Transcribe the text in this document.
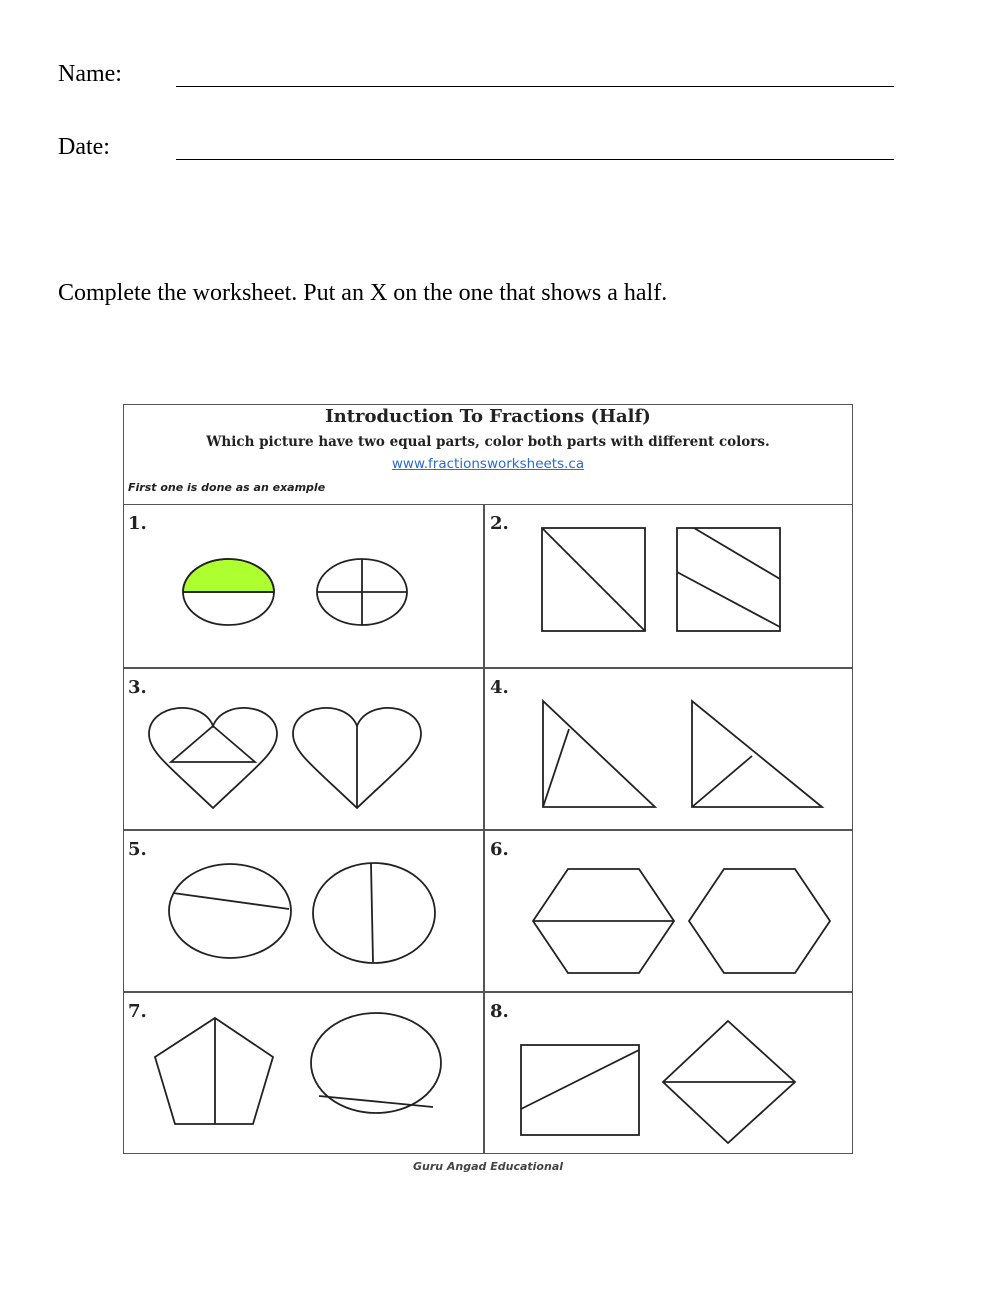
Name:
Date:
Complete the worksheet. Put an X on the one that shows a half.
Introduction To Fractions (Half)
Which picture have two equal parts, color both parts with different colors.
www.fractionsworksheets.ca
First one is done as an example
1.	2.
3.	4.
5.	6.
7.	8.
Guru Angad Educational
